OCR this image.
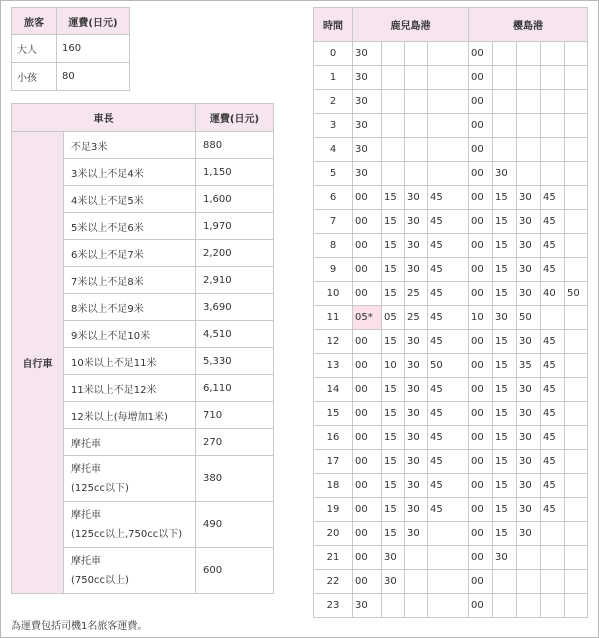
旅客	運費(日元)
大人	160
小孩	80
車長		運費(日元)
自行車	不足3米	880
	3米以上不足4米	1,150
	4米以上不足5米	1,600
	5米以上不足6米	1,970
	6米以上不足7米	2,200
	7米以上不足8米	2,910
	8米以上不足9米	3,690
	9米以上不足10米	4,510
	10米以上不足11米	5,330
	11米以上不足12米	6,110
	12米以上(每增加1米)	710
	摩托車	270

	摩托車
(125cc以下)	380

	摩托車
(125cc以上,750cc以下)	490

	摩托車
(750cc以上)	600
為運費包括司機1名旅客運費。
時間	鹿兒島港				櫻島港				
0	30				00				
1	30				00				
2	30				00				
3	30				00				
4	30				00				
5	30				00	30			
6	00	15	30	45	00	15	30	45	
7	00	15	30	45	00	15	30	45	
8	00	15	30	45	00	15	30	45	
9	00	15	30	45	00	15	30	45	
10	00	15	25	45	00	15	30	40	50
11	05*	05	25	45	10	30	50		
12	00	15	30	45	00	15	30	45	
13	00	10	30	50	00	15	35	45	
14	00	15	30	45	00	15	30	45	
15	00	15	30	45	00	15	30	45	
16	00	15	30	45	00	15	30	45	
17	00	15	30	45	00	15	30	45	
18	00	15	30	45	00	15	30	45	
19	00	15	30	45	00	15	30	45	
20	00	15	30		00	15	30		
21	00	30			00	30			
22	00	30			00				
23	30				00				
